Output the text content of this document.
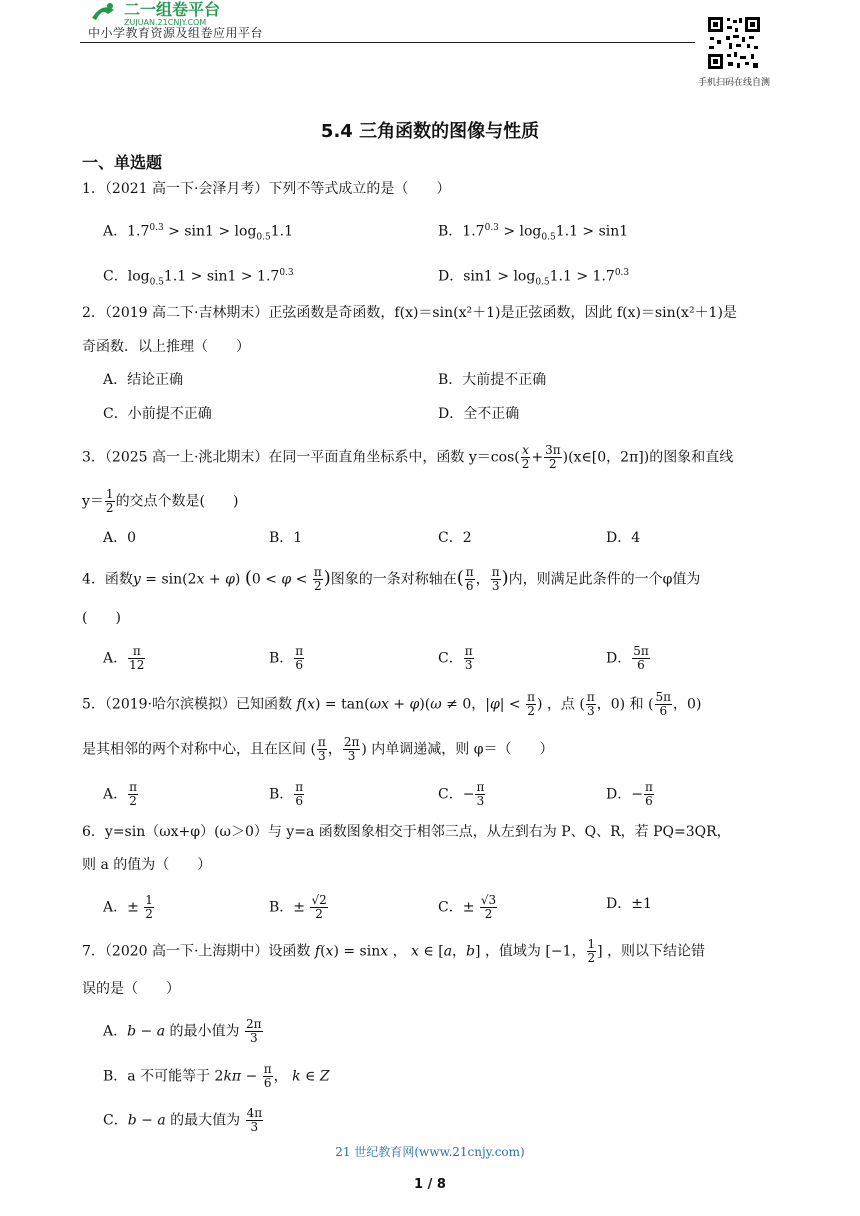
二一组卷平台
ZUJUAN.21CNJY.COM
中小学教育资源及组卷应用平台
手机扫码在线自测
5.4 三角函数的图像与性质
一、单选题
1．（2021 高一下·会泽月考）下列不等式成立的是（　　）
A．$1.7^{0.3} > \sin 1 > \log_{0.5}1.1$	B．$1.7^{0.3} > \log_{0.5}1.1 > \sin 1$
C．$\log_{0.5}1.1 > \sin 1 > 1.7^{0.3}$	D．$\sin 1 > \log_{0.5}1.1 > 1.7^{0.3}$
2．（2019 高二下·吉林期末）正弦函数是奇函数，f(x)＝sin(x²＋1)是正弦函数，因此 f(x)＝sin(x²＋1)是
奇函数．以上推理（　　）
A．结论正确	B．大前提不正确
C．小前提不正确	D．全不正确
3．（2025 高一上·洮北期末）在同一平面直角坐标系中，函数 $y=\cos( \frac{x}{2} + \frac{3\pi}{2}$ )(x∈[0，2π])的图象和直线
$y= \frac{1}{2}$ 的交点个数是(　　)
A．0	B．1	C．2	D．4
4．函数y = sin(2x + φ) ($0 < \varphi < \frac{\pi}{2}$ )图象的一条对称轴在( $\frac{\pi}{6}$ ， $\frac{\pi}{3}$ )内，则满足此条件的一个φ值为
(　　)
A． $\frac{\pi}{12}$	B． $\frac{\pi}{6}$	C． $\frac{\pi}{3}$	D． $\frac{5\pi}{6}$
5．（2019·哈尔滨模拟）已知函数 f(x) = tan(ωx + φ)(ω ≠ 0，$|\varphi| < \frac{\pi}{2}$ ) ，点 ( $\frac{\pi}{3}$ ，0) 和 ( $\frac{5\pi}{6}$ ，0)
是其相邻的两个对称中心，且在区间 ( $\frac{\pi}{3}$ ， $\frac{2\pi}{3}$ ) 内单调递减，则 φ＝（　　）
A． $\frac{\pi}{2}$	B． $\frac{\pi}{6}$	C．− $\frac{\pi}{3}$	D．− $\frac{\pi}{6}$
6．y=sin（ωx+φ）(ω＞0）与 y=a 函数图象相交于相邻三点，从左到右为 P、Q、R，若 PQ=3QR，
则 a 的值为（　　）
A．± $\frac{1}{2}$	B．± $\frac{√2}{2}$	C．± $\frac{√3}{2}$	D．±1
7．（2020 高一下·上海期中）设函数 f(x) = sinx ， x ∈ [a，b] ，值域为 [−1， $\frac{1}{2}$ ] ，则以下结论错
误的是（　　）
A．b − a 的最小值为 $\frac{2\pi}{3}$
B．a 不可能等于 $2k\pi - \frac{\pi}{6}$ ， k ∈ Z
C．b − a 的最大值为 $\frac{4\pi}{3}$
21 世纪教育网(www.21cnjy.com)
1 / 8
